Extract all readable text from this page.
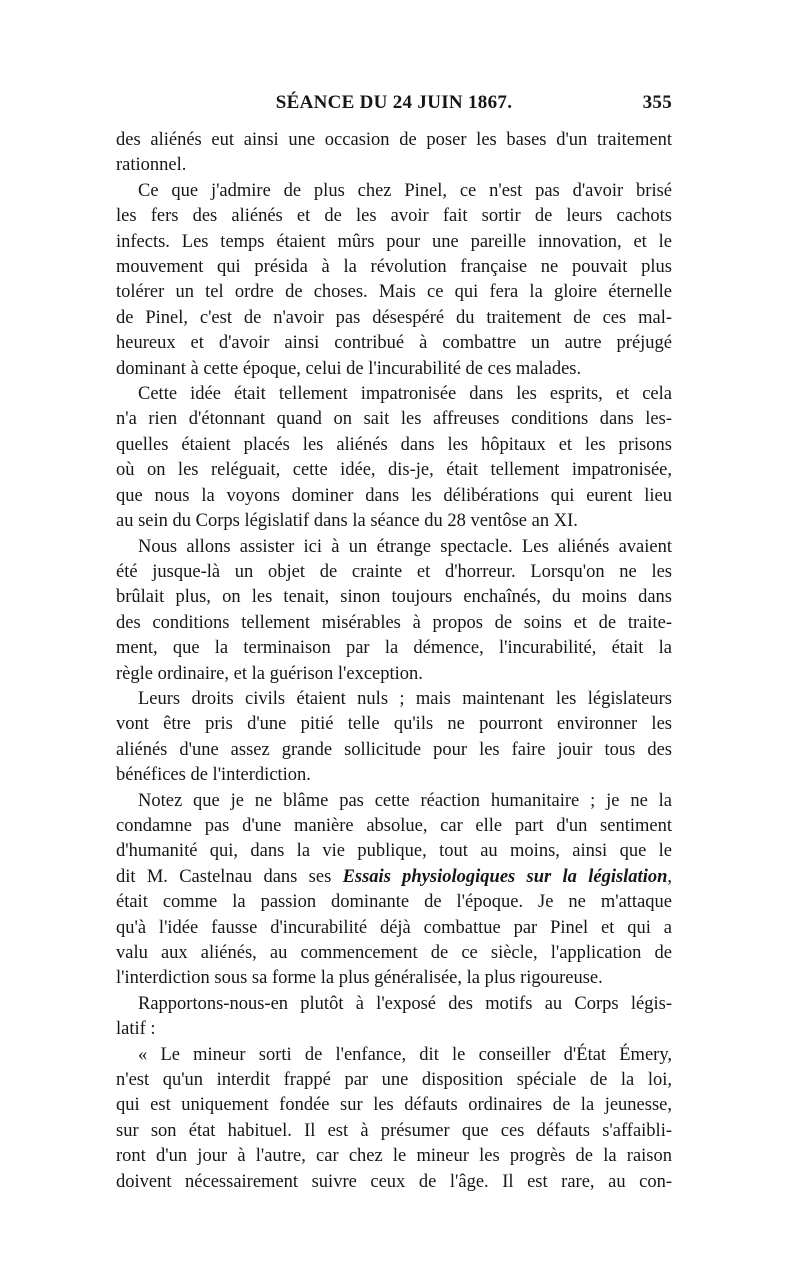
SÉANCE DU 24 JUIN 1867.	355
des aliénés eut ainsi une occasion de poser les bases d'un traitement
rationnel.
Ce que j'admire de plus chez Pinel, ce n'est pas d'avoir brisé
les fers des aliénés et de les avoir fait sortir de leurs cachots
infects. Les temps étaient mûrs pour une pareille innovation, et le
mouvement qui présida à la révolution française ne pouvait plus
tolérer un tel ordre de choses. Mais ce qui fera la gloire éternelle
de Pinel, c'est de n'avoir pas désespéré du traitement de ces mal-
heureux et d'avoir ainsi contribué à combattre un autre préjugé
dominant à cette époque, celui de l'incurabilité de ces malades.
Cette idée était tellement impatronisée dans les esprits, et cela
n'a rien d'étonnant quand on sait les affreuses conditions dans les-
quelles étaient placés les aliénés dans les hôpitaux et les prisons
où on les reléguait, cette idée, dis-je, était tellement impatronisée,
que nous la voyons dominer dans les délibérations qui eurent lieu
au sein du Corps législatif dans la séance du 28 ventôse an XI.
Nous allons assister ici à un étrange spectacle. Les aliénés avaient
été jusque-là un objet de crainte et d'horreur. Lorsqu'on ne les
brûlait plus, on les tenait, sinon toujours enchaînés, du moins dans
des conditions tellement misérables à propos de soins et de traite-
ment, que la terminaison par la démence, l'incurabilité, était la
règle ordinaire, et la guérison l'exception.
Leurs droits civils étaient nuls ; mais maintenant les législateurs
vont être pris d'une pitié telle qu'ils ne pourront environner les
aliénés d'une assez grande sollicitude pour les faire jouir tous des
bénéfices de l'interdiction.
Notez que je ne blâme pas cette réaction humanitaire ; je ne la
condamne pas d'une manière absolue, car elle part d'un sentiment
d'humanité qui, dans la vie publique, tout au moins, ainsi que le
dit M. Castelnau dans ses Essais physiologiques sur la législation,
était comme la passion dominante de l'époque. Je ne m'attaque
qu'à l'idée fausse d'incurabilité déjà combattue par Pinel et qui a
valu aux aliénés, au commencement de ce siècle, l'application de
l'interdiction sous sa forme la plus généralisée, la plus rigoureuse.
Rapportons-nous-en plutôt à l'exposé des motifs au Corps légis-
latif :
« Le mineur sorti de l'enfance, dit le conseiller d'État Émery,
n'est qu'un interdit frappé par une disposition spéciale de la loi,
qui est uniquement fondée sur les défauts ordinaires de la jeunesse,
sur son état habituel. Il est à présumer que ces défauts s'affaibli-
ront d'un jour à l'autre, car chez le mineur les progrès de la raison
doivent nécessairement suivre ceux de l'âge. Il est rare, au con-
